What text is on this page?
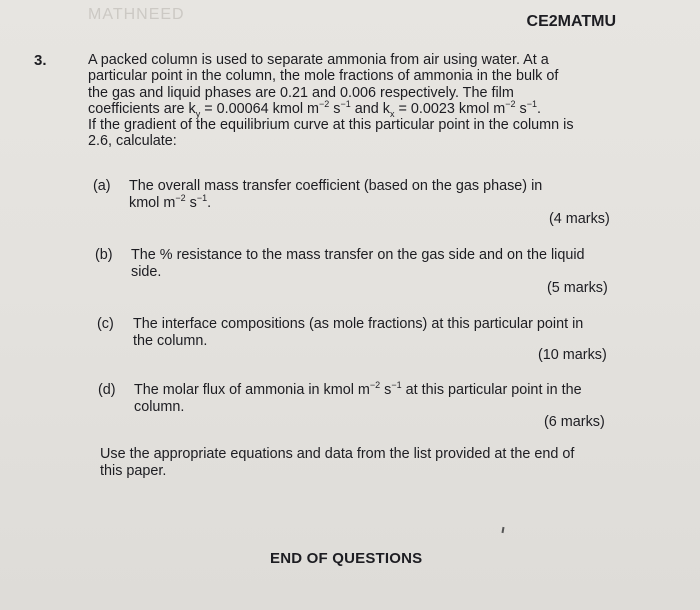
MATHNEED	CE2MATMU
3.	A packed column is used to separate ammonia from air using water. At a
particular point in the column, the mole fractions of ammonia in the bulk of
the gas and liquid phases are 0.21 and 0.006 respectively. The film
coefficients are $k_y = 0.00064$ kmol $m^{-2}$ $s^{-1}$ and $k_x = 0.0023$ kmol $m^{-2}$ $s^{-1}$.
If the gradient of the equilibrium curve at this particular point in the column is
2.6, calculate:
(a) The overall mass transfer coefficient (based on the gas phase) in
kmol $m^{-2}$ $s^{-1}$.
(4 marks)
(b) The % resistance to the mass transfer on the gas side and on the liquid
side.
(5 marks)
(c) The interface compositions (as mole fractions) at this particular point in
the column.
(10 marks)
(d) The molar flux of ammonia in kmol $m^{-2}$ $s^{-1}$ at this particular point in the
column.
(6 marks)
Use the appropriate equations and data from the list provided at the end of
this paper.
END OF QUESTIONS
